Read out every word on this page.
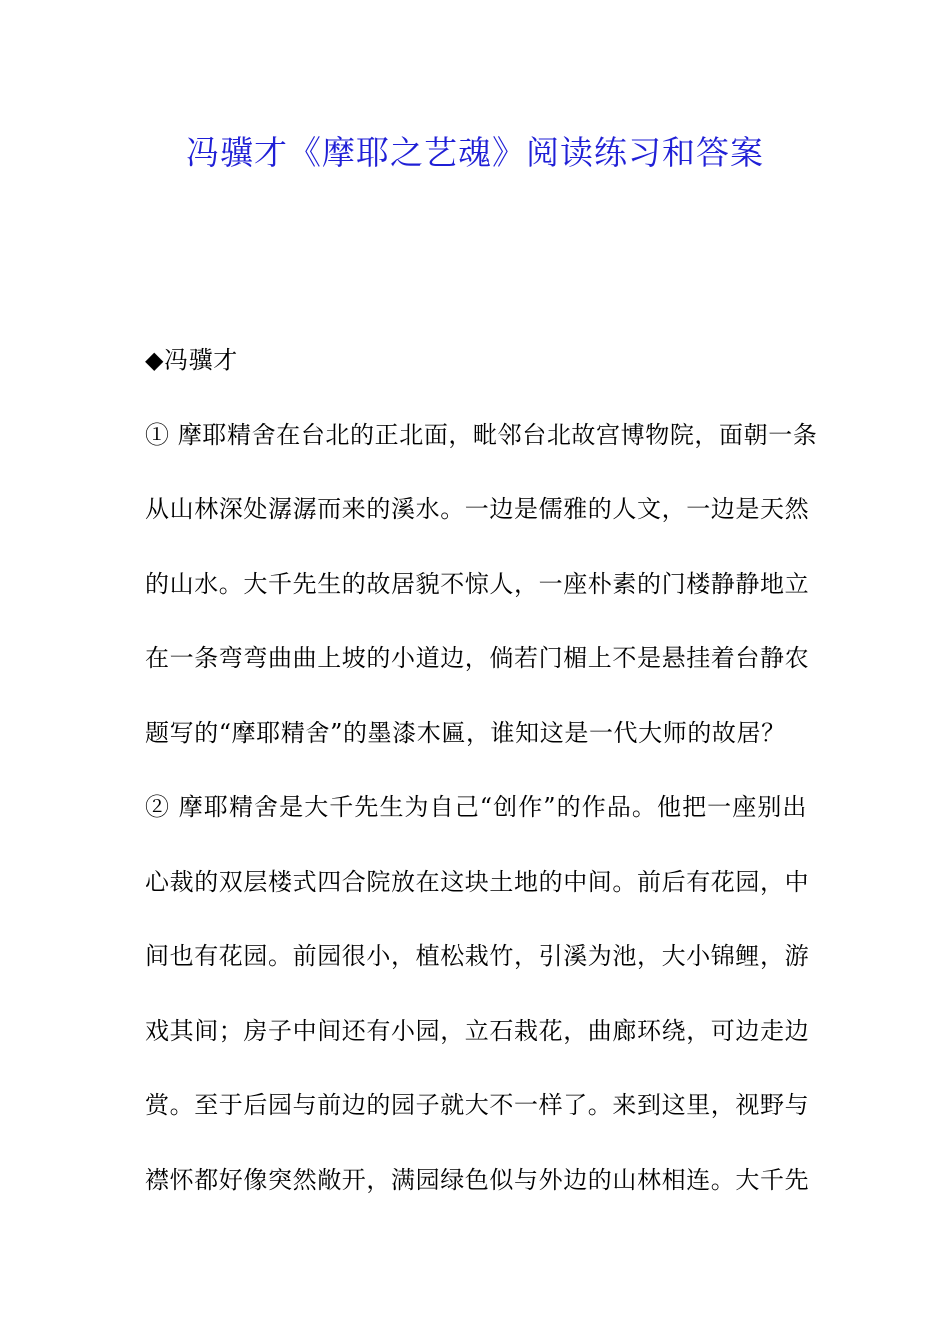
冯骥才《摩耶之艺魂》阅读练习和答案
◆冯骥才
① 摩耶精舍在台北的正北面，毗邻台北故宫博物院，面朝一条
从山林深处潺潺而来的溪水。一边是儒雅的人文，一边是天然
的山水。大千先生的故居貌不惊人，一座朴素的门楼静静地立
在一条弯弯曲曲上坡的小道边，倘若门楣上不是悬挂着台静农
题写的“摩耶精舍”的墨漆木匾，谁知这是一代大师的故居？
② 摩耶精舍是大千先生为自己“创作”的作品。他把一座别出
心裁的双层楼式四合院放在这块土地的中间。前后有花园，中
间也有花园。前园很小，植松栽竹，引溪为池，大小锦鲤，游
戏其间；房子中间还有小园，立石栽花，曲廊环绕，可边走边
赏。至于后园与前边的园子就大不一样了。来到这里，视野与
襟怀都好像突然敞开，满园绿色似与外边的山林相连。大千先
